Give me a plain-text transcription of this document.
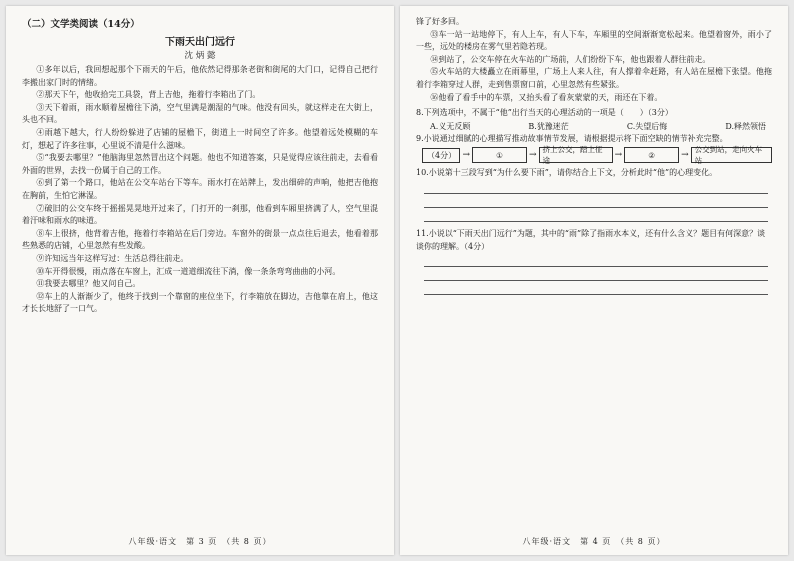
（二）文学类阅读（14分）
下雨天出门远行
沈 炳 懿

①多年以后，我回想起那个下雨天的午后，他依然记得那条老街和街尾的大门口，记得自己把行李搬出家门时的情绪。

②那天下午，他收拾完工具袋，背上吉他，拖着行李箱出了门。

③天下着雨，雨水顺着屋檐往下淌，空气里满是潮湿的气味。他没有回头，就这样走在大街上，头也不回。

④雨越下越大，行人纷纷躲进了店铺的屋檐下，街道上一时间空了许多。他望着远处模糊的车灯，想起了许多往事，心里说不清是什么滋味。

⑤“我要去哪里？”他脑海里忽然冒出这个问题。他也不知道答案，只是觉得应该往前走，去看看外面的世界，去找一份属于自己的工作。

⑥到了第一个路口，他站在公交车站台下等车。雨水打在站牌上，发出细碎的声响，他把吉他抱在胸前，生怕它淋湿。

⑦破旧的公交车终于摇摇晃晃地开过来了，门打开的一刹那，他看到车厢里挤满了人，空气里混着汗味和雨水的味道。

⑧车上很挤，他背着吉他，拖着行李箱站在后门旁边。车窗外的街景一点点往后退去，他看着那些熟悉的店铺，心里忽然有些发酸。

⑨许知远当年这样写过：生活总得往前走。

⑩车开得很慢，雨点落在车窗上，汇成一道道细流往下淌，像一条条弯弯曲曲的小河。

⑪我要去哪里？他又问自己。

⑫车上的人渐渐少了，他终于找到一个靠窗的座位坐下，行李箱放在脚边，吉他靠在肩上，他这才长长地舒了一口气。

八年级·语文　第 3 页　（共 8 页）

锋了好多回。

⑬车一站一站地停下，有人上车，有人下车，车厢里的空间渐渐宽松起来。他望着窗外，雨小了一些，远处的楼房在雾气里若隐若现。

⑭到站了，公交车停在火车站的广场前，人们纷纷下车，他也跟着人群往前走。

⑮火车站的大楼矗立在雨幕里，广场上人来人往，有人撑着伞赶路，有人站在屋檐下张望。他拖着行李箱穿过人群，走到售票窗口前，心里忽然有些紧张。

⑯他看了看手中的车票，又抬头看了看灰蒙蒙的天，雨还在下着。

8.下列选项中，不属于“他”出行当天的心理活动的一项是（　　）（3分）
A.义无反顾	B.犹豫迷茫	C.失望后悔	D.释然领悟
9.小说通过细腻的心理描写推动故事情节发展，请根据提示将下面空缺的情节补充完整。
（4分） →	①	→
挤上公交，踏上征途
→	②	→
公交到站，走向火车站
10.小说第十三段写到“为什么要下雨”，请你结合上下文，分析此时“他”的心理变化。
11.小说以“下雨天出门远行”为题，其中的“雨”除了指雨水本义，还有什么含义？题目有何深意？谈谈你的理解。（4分）
八年级·语文　第 4 页　（共 8 页）
